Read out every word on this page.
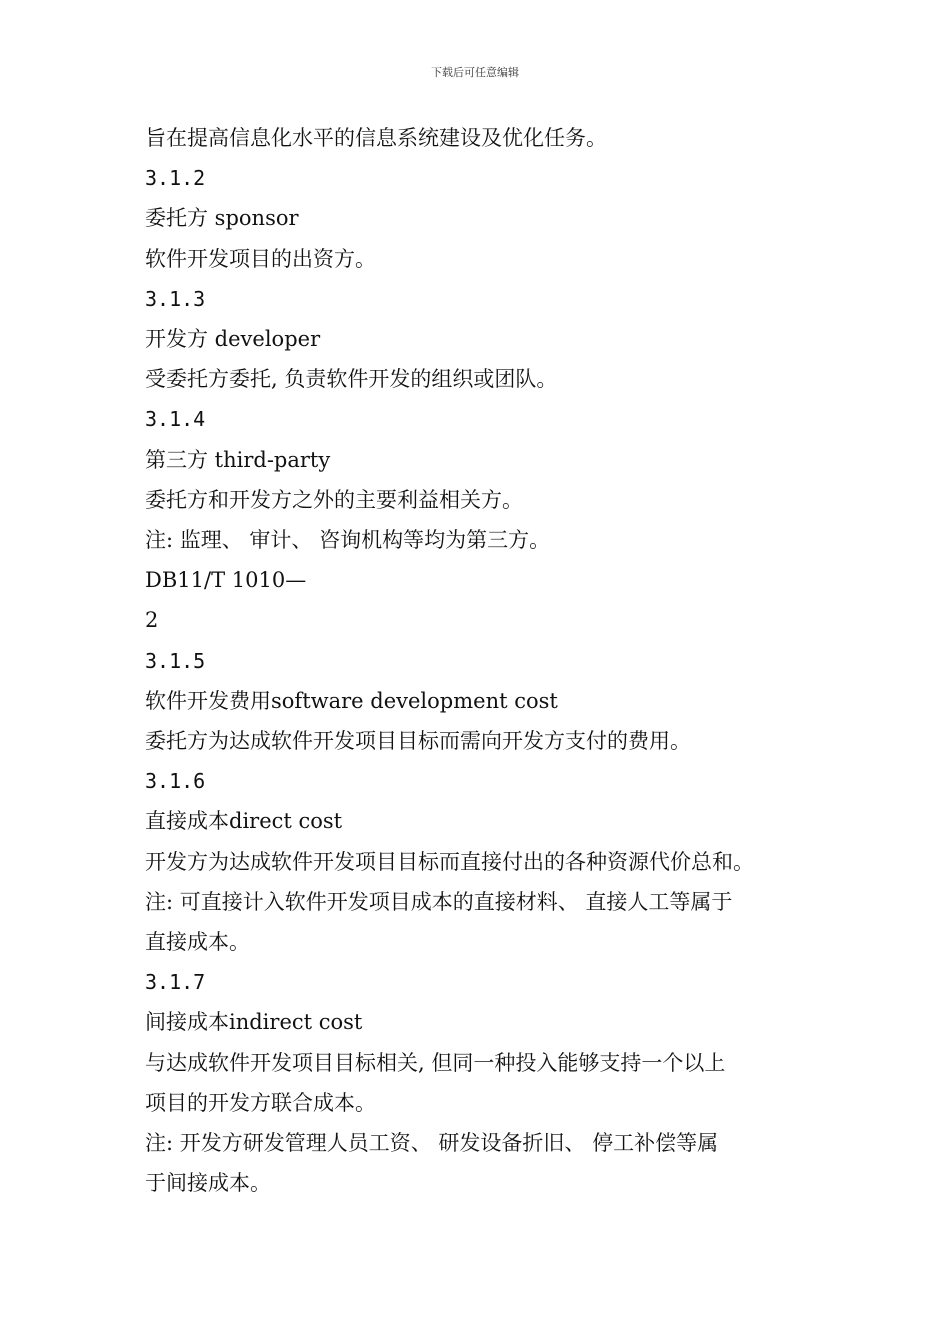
下载后可任意编辑

旨在提高信息化水平的信息系统建设及优化任务。

3.1.2

委托方 sponsor

软件开发项目的出资方。

3.1.3

开发方 developer

受委托方委托, 负责软件开发的组织或团队。

3.1.4

第三方 third-party

委托方和开发方之外的主要利益相关方。

注: 监理、 审计、 咨询机构等均为第三方。

DB11/T 1010—

2

3.1.5

软件开发费用software development cost

委托方为达成软件开发项目目标而需向开发方支付的费用。

3.1.6

直接成本direct cost

开发方为达成软件开发项目目标而直接付出的各种资源代价总和。

注: 可直接计入软件开发项目成本的直接材料、 直接人工等属于

直接成本。

3.1.7

间接成本indirect cost

与达成软件开发项目目标相关, 但同一种投入能够支持一个以上

项目的开发方联合成本。

注: 开发方研发管理人员工资、 研发设备折旧、 停工补偿等属

于间接成本。
